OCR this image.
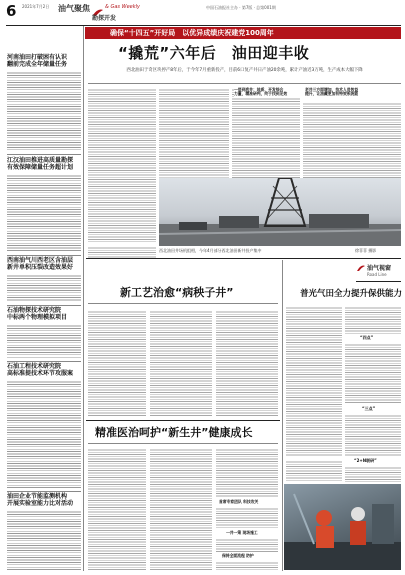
6 2021年7月2日 油气聚焦	& Gas Weekly
勘探开发
中国石油报社主办 · 第7版 · 总第001期
确保“十四五”开好局　以优异成绩庆祝建党100周年
河南油田打破困有认识
翻前完成全年储量任务
江汉油田推进高质量勘探
有效保障储量任务超计划
西南油气川西老区含油层
新井单积压裂改造效果好
石油物探技术研究院
中标两个物理模拟项目
石油工程技术研究院
高标准提技术环节攻服案
油田企业节能监测机构
开展实验室能力比对活动
“撬荒”六年后　油田迎丰收
西北油田于奇区块停产8年后，于今年7月重新投产，目前6口复产井日产油20余吨，累计产油近3万吨，生产成本大幅下降
一层到底井：地质、开发综合
力量，精准研判，终于找到见效
老井三方面增加，技术人员效益
提升，让油藏更加有特效系统能
西北油田井场机组相，今年4月部分西北油田新井投产集中	徐菲菲 摄影
新工艺治愈“病秧子井”
油气视窗
Road Line
普光气田全力提升保供能力
“四点”
“三点”
“2+N联研”
精准医治呵护“新生井”健康成长
首席专家团队 科技攻关
一井一策 现场施工
保持全面流程 防护
